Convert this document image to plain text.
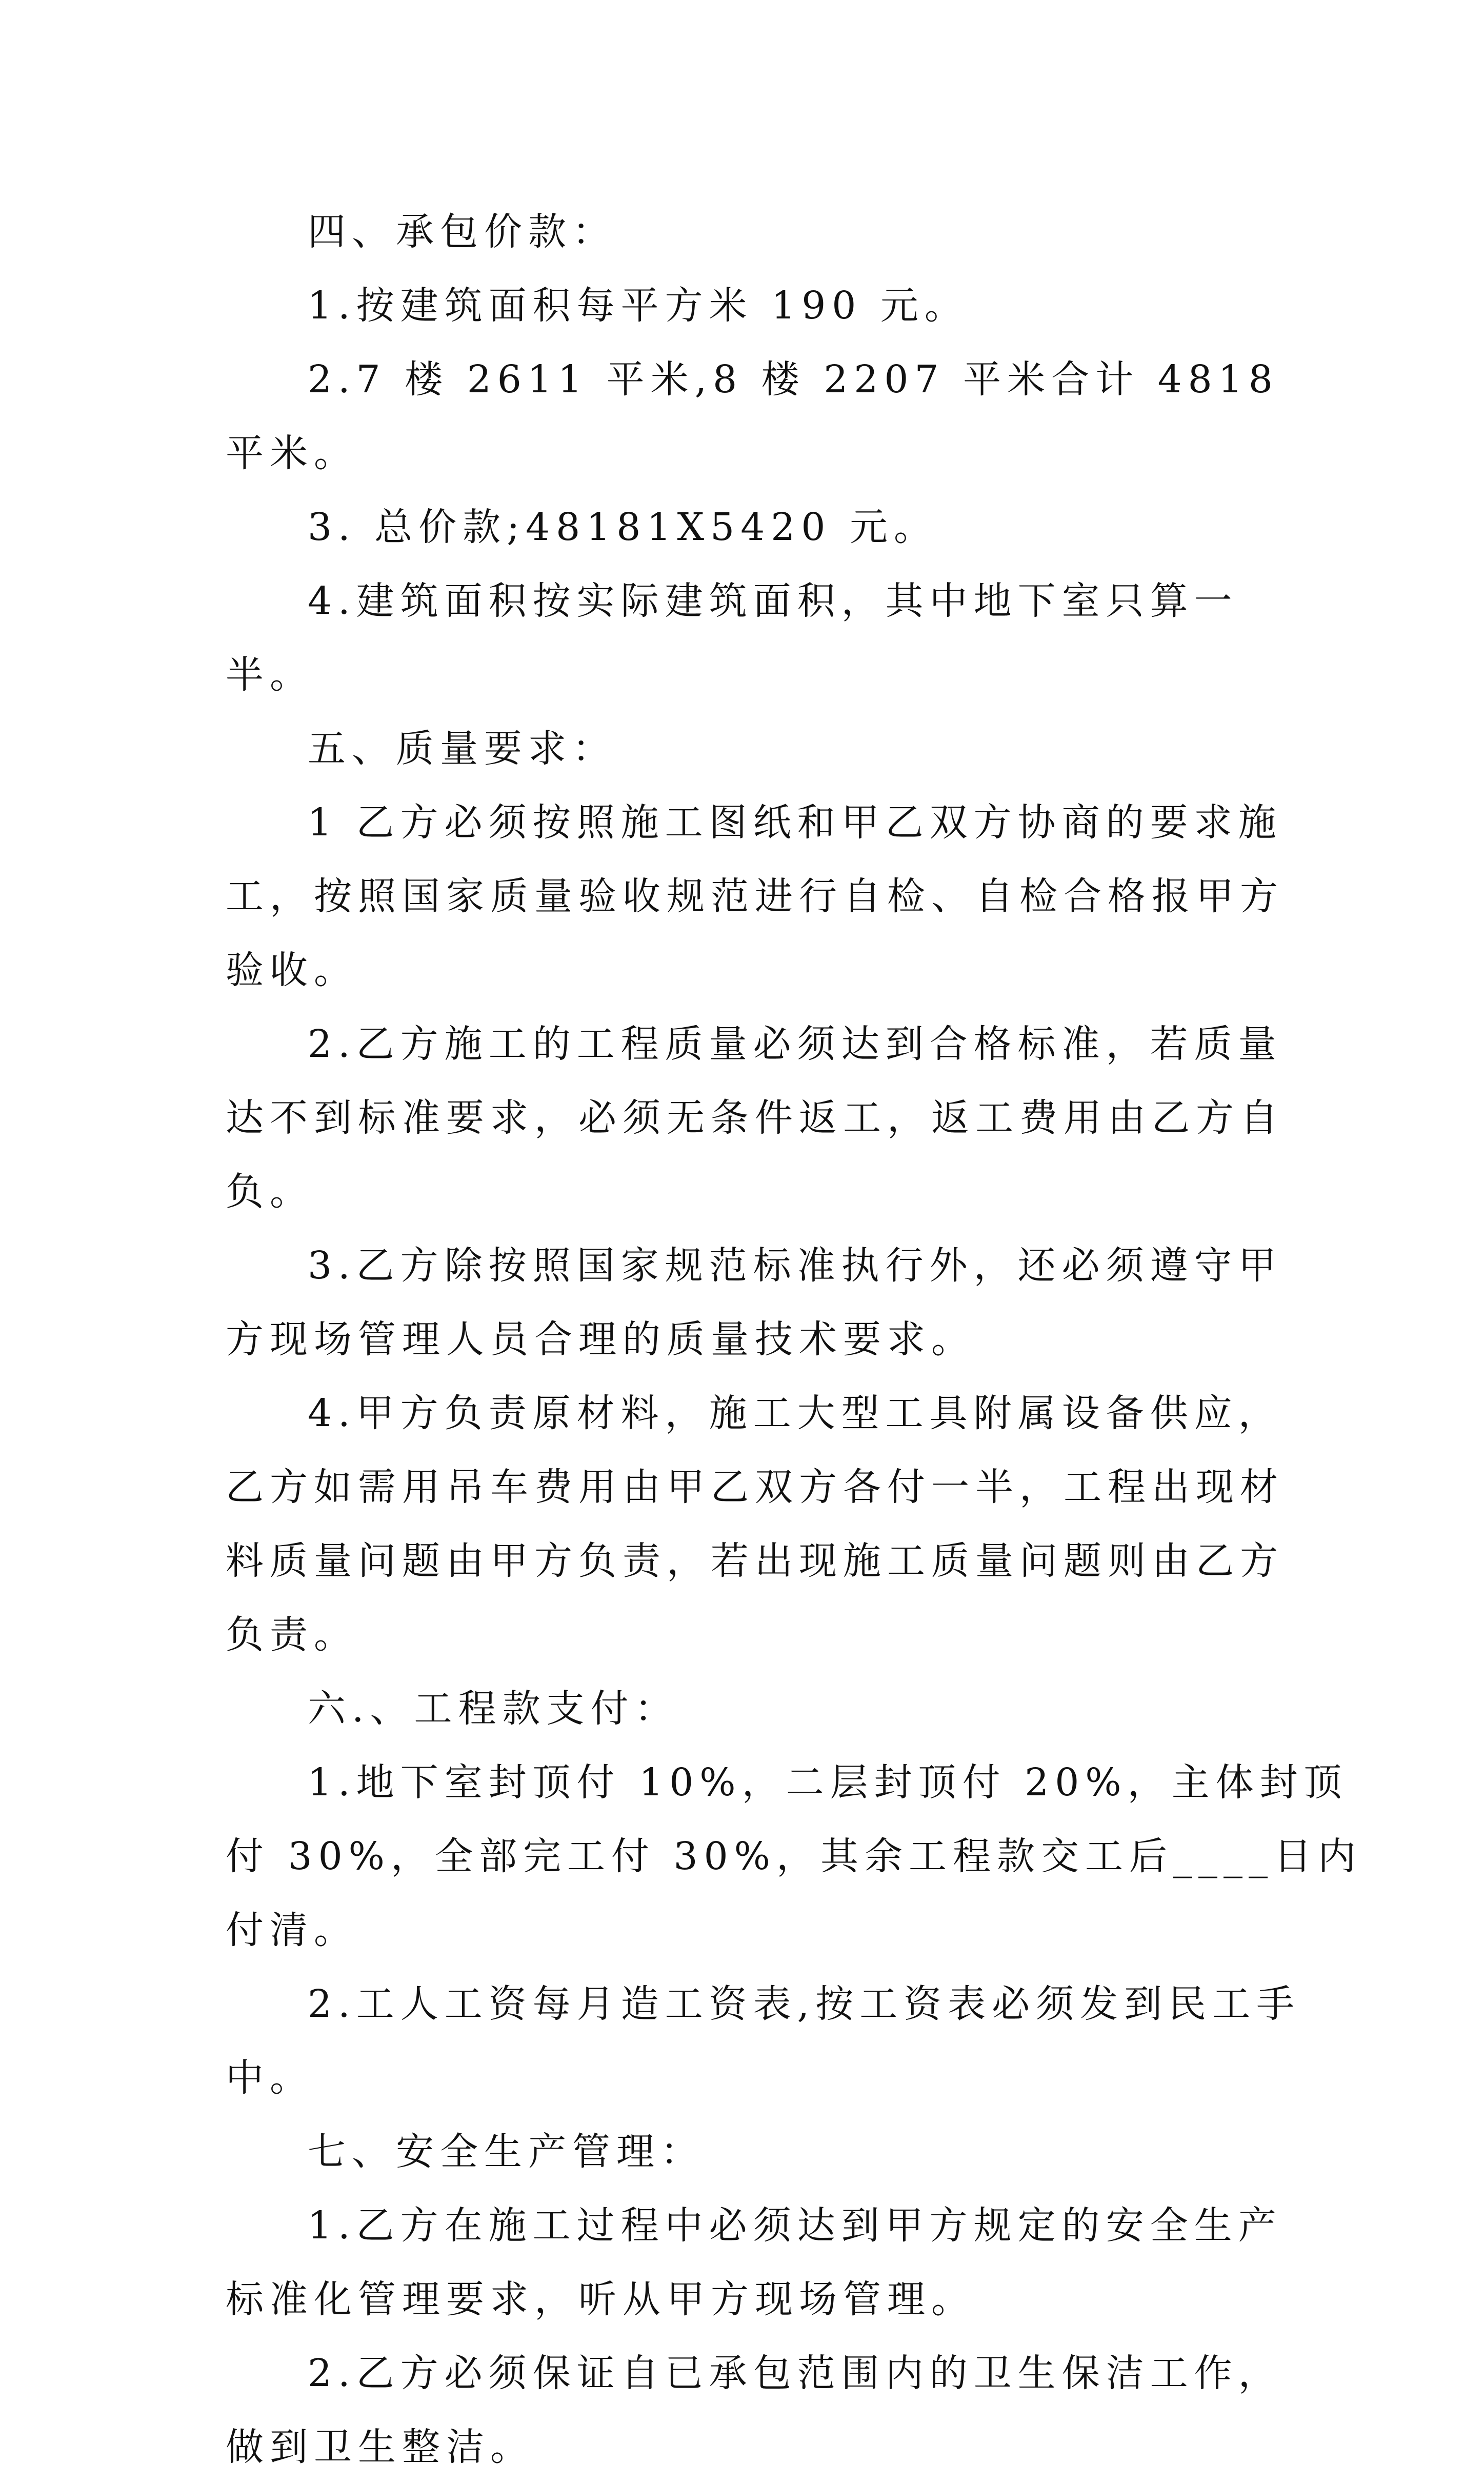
四、承包价款：

1.按建筑面积每平方米 190 元。

2.7 楼 2611 平米,8 楼 2207 平米合计 4818 平米。

3. 总价款;48181X5420 元。

4.建筑面积按实际建筑面积，其中地下室只算一半。

五、质量要求：

1 乙方必须按照施工图纸和甲乙双方协商的要求施工，按照国家质量验收规范进行自检、自检合格报甲方验收。

2.乙方施工的工程质量必须达到合格标准，若质量达不到标准要求，必须无条件返工，返工费用由乙方自负。

3.乙方除按照国家规范标准执行外，还必须遵守甲方现场管理人员合理的质量技术要求。

4.甲方负责原材料，施工大型工具附属设备供应，乙方如需用吊车费用由甲乙双方各付一半，工程出现材料质量问题由甲方负责，若出现施工质量问题则由乙方负责。

六.、工程款支付：

1.地下室封顶付 10%，二层封顶付 20%，主体封顶付 30%，全部完工付 30%，其余工程款交工后____日内付清。

2.工人工资每月造工资表,按工资表必须发到民工手中。

七、安全生产管理：

1.乙方在施工过程中必须达到甲方规定的安全生产标准化管理要求，听从甲方现场管理。

2.乙方必须保证自已承包范围内的卫生保洁工作，做到卫生整洁。
